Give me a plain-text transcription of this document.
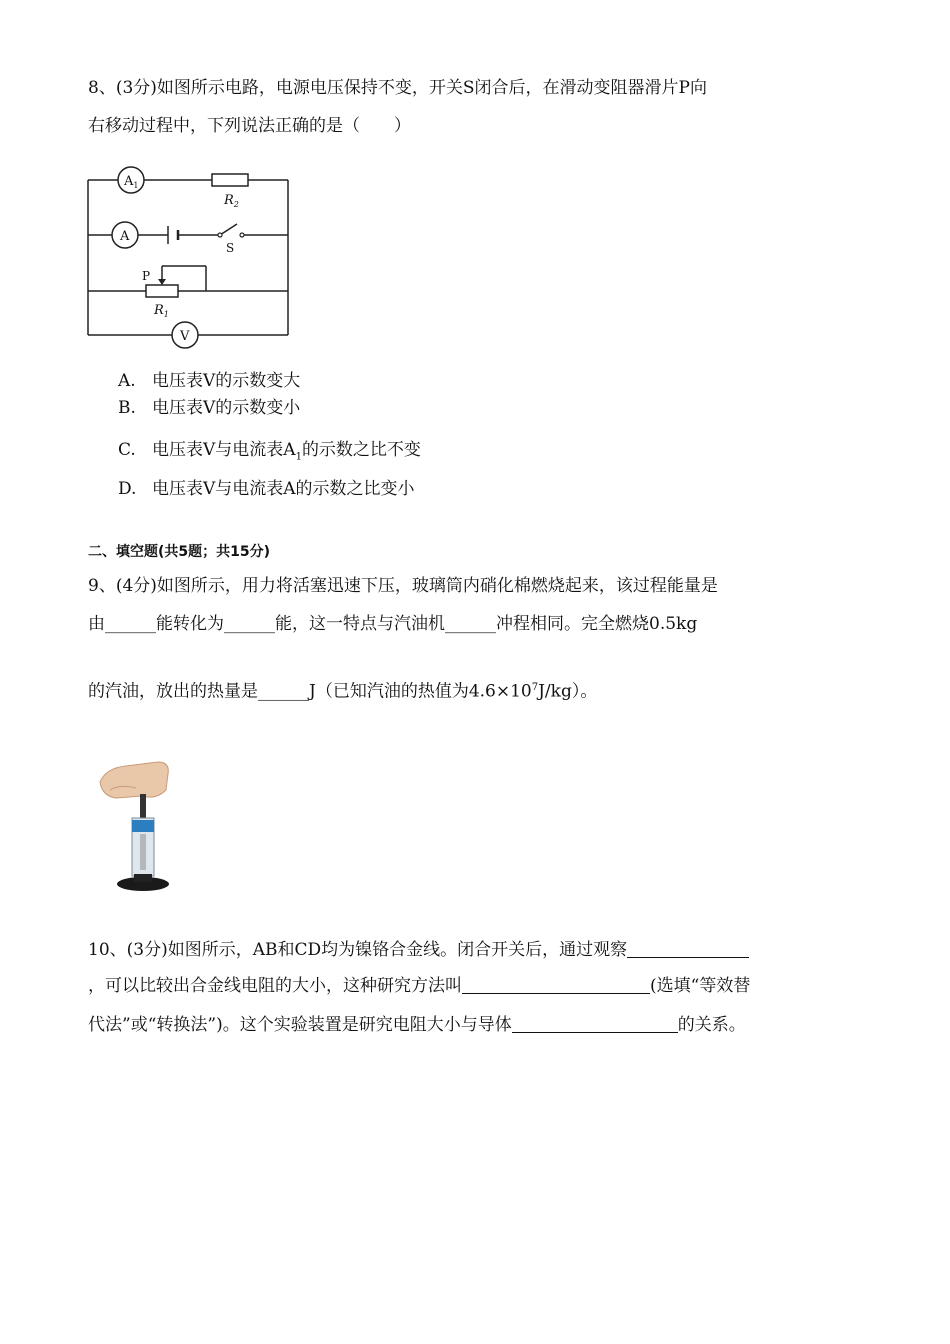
8、(3分)如图所示电路，电源电压保持不变，开关S闭合后，在滑动变阻器滑片P向
右移动过程中，下列说法正确的是（　　）
$A_1$
A
V
$R_2$
$R_1$
S
P
A. 电压表V的示数变大
B. 电压表V的示数变小
C. 电压表V与电流表$A_1$的示数之比不变
D. 电压表V与电流表A的示数之比变小
二、填空题(共5题；共15分)
9、(4分)如图所示，用力将活塞迅速下压，玻璃筒内硝化棉燃烧起来，该过程能量是
由______能转化为______能，这一特点与汽油机______冲程相同。完全燃烧0.5kg
的汽油，放出的热量是______J（已知汽油的热值为$4.6\times 10^7J/kg$）。
10、(3分)如图所示，AB和CD均为镍铬合金线。闭合开关后，通过观察
，可以比较出合金线电阻的大小，这种研究方法叫	(选填“等效替
代法”或“转换法”)。这个实验装置是研究电阻大小与导体	的关系。
